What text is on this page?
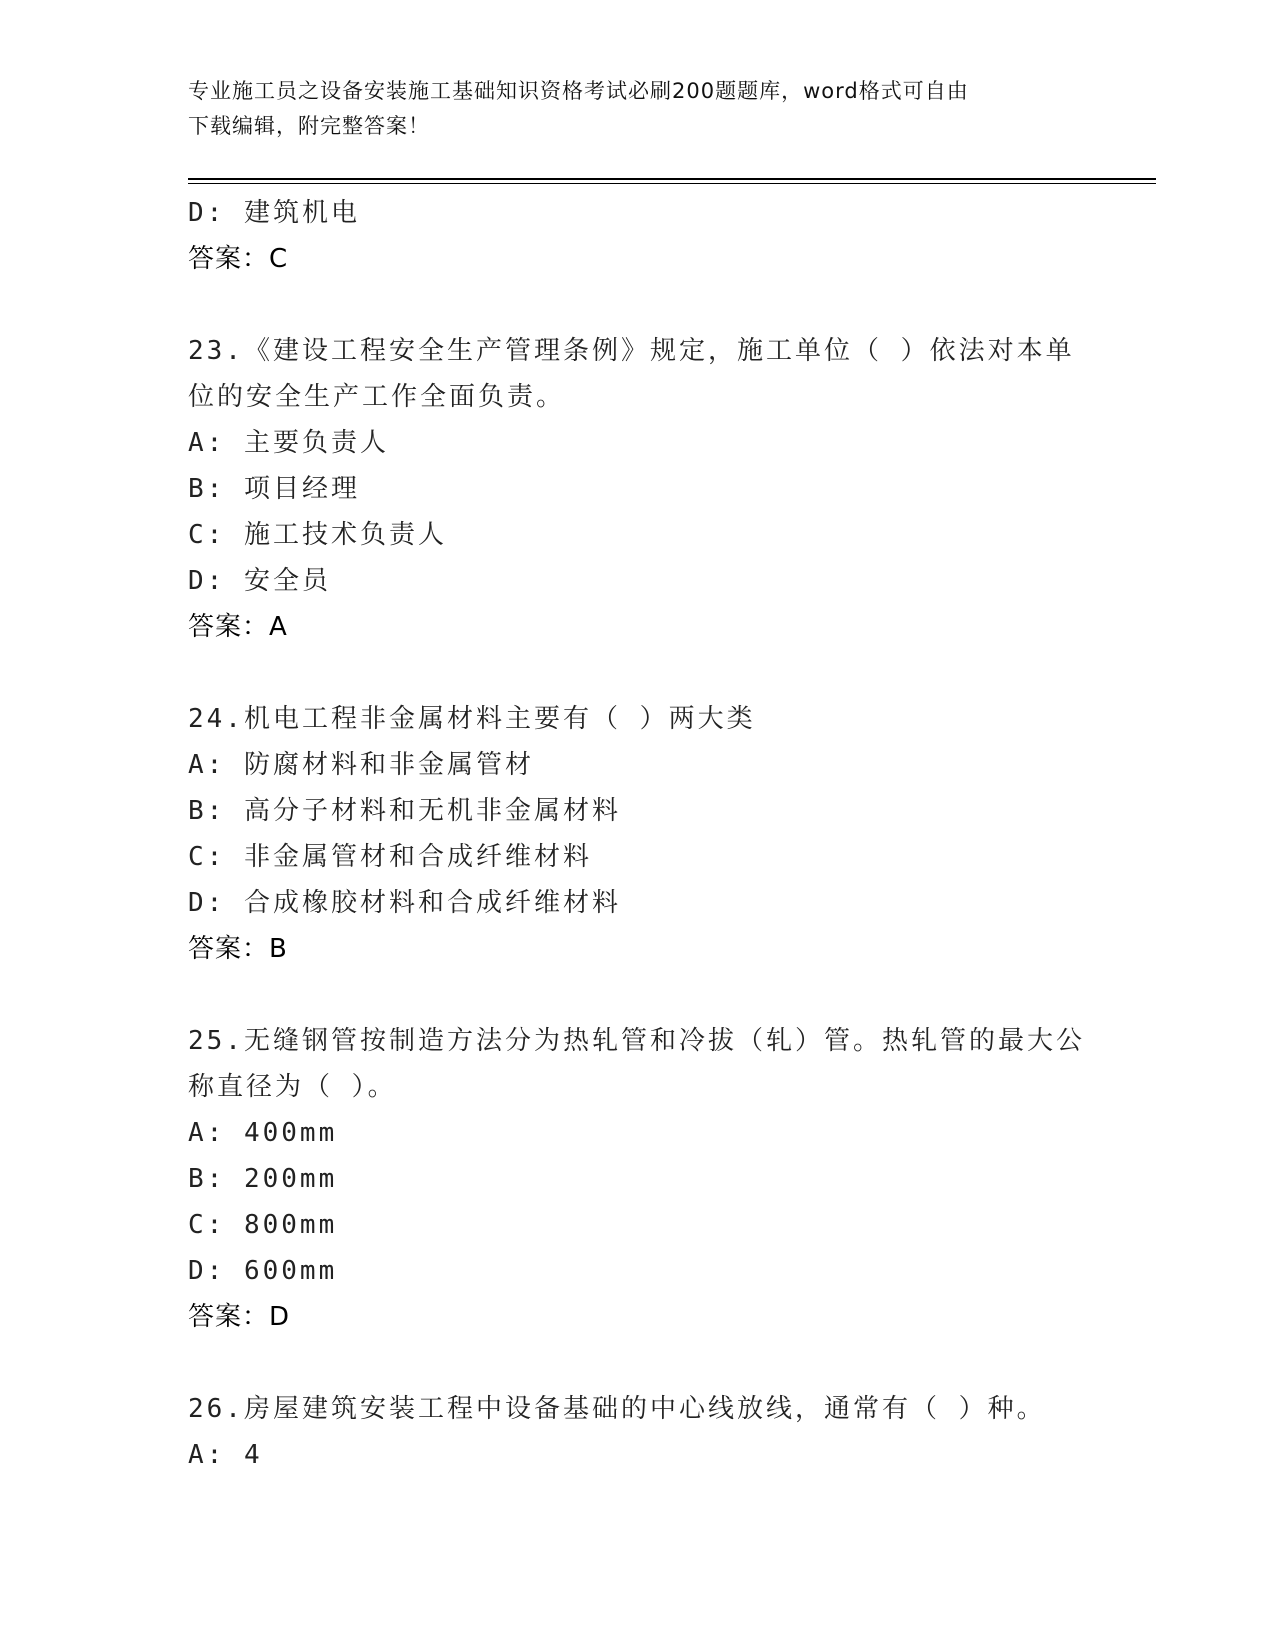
专业施工员之设备安装施工基础知识资格考试必刷200题题库，word格式可自由
下载编辑，附完整答案！
D: 建筑机电
答案：C
23.《建设工程安全生产管理条例》规定，施工单位（ ）依法对本单
位的安全生产工作全面负责。
A: 主要负责人
B: 项目经理
C: 施工技术负责人
D: 安全员
答案：A
24.机电工程非金属材料主要有（ ）两大类
A: 防腐材料和非金属管材
B: 高分子材料和无机非金属材料
C: 非金属管材和合成纤维材料
D: 合成橡胶材料和合成纤维材料
答案：B
25.无缝钢管按制造方法分为热轧管和冷拔（轧）管。热轧管的最大公
称直径为（ ）。
A: 400mm
B: 200mm
C: 800mm
D: 600mm
答案：D
26.房屋建筑安装工程中设备基础的中心线放线，通常有（ ）种。
A: 4
